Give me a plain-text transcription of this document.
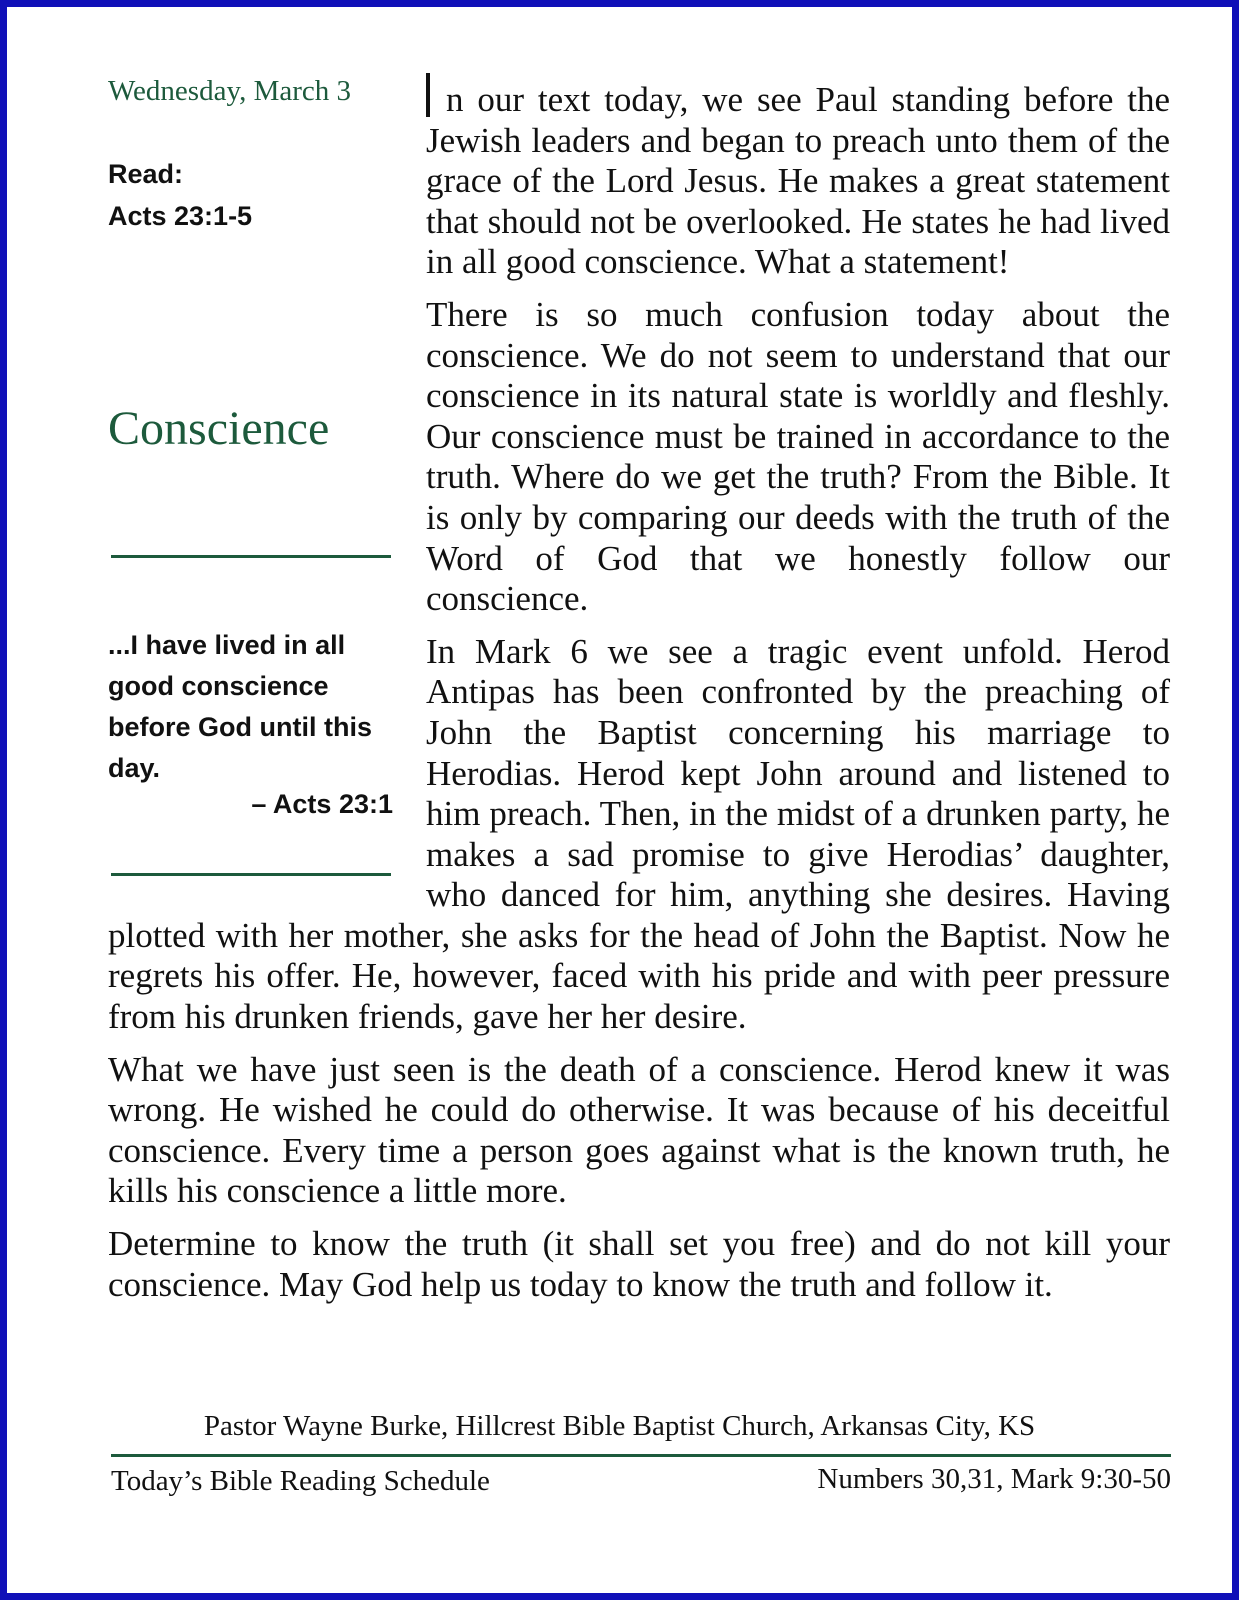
Wednesday, March 3
Read:
Acts 23:1-5
Conscience
...I have lived in all good conscience before God until this day.
– Acts 23:1

n our text today, we see Paul standing before the Jewish leaders and began to preach unto them of the grace of the Lord Jesus. He makes a great statement that should not be overlooked. He states he had lived in all good conscience. What a statement!

There is so much confusion today about the conscience. We do not seem to understand that our conscience in its natural state is worldly and fleshly. Our conscience must be trained in accordance to the truth. Where do we get the truth? From the Bible. It is only by comparing our deeds with the truth of the Word of God that we honestly follow our conscience.

In Mark 6 we see a tragic event unfold. Herod Antipas has been confronted by the preaching of John the Baptist concerning his marriage to Herodias. Herod kept John around and listened to him preach. Then, in the midst of a drunken party, he makes a sad promise to give Herodias’ daughter, who danced for him, anything she desires. Having plotted with her mother, she asks for the head of John the Baptist. Now he regrets his offer. He, however, faced with his pride and with peer pressure from his drunken friends, gave her her desire.

What we have just seen is the death of a conscience. Herod knew it was wrong. He wished he could do otherwise. It was because of his deceitful conscience. Every time a person goes against what is the known truth, he kills his conscience a little more.

Determine to know the truth (it shall set you free) and do not kill your conscience. May God help us today to know the truth and follow it.

Pastor Wayne Burke, Hillcrest Bible Baptist Church, Arkansas City, KS
Today’s Bible Reading Schedule	Numbers 30,31, Mark 9:30-50
